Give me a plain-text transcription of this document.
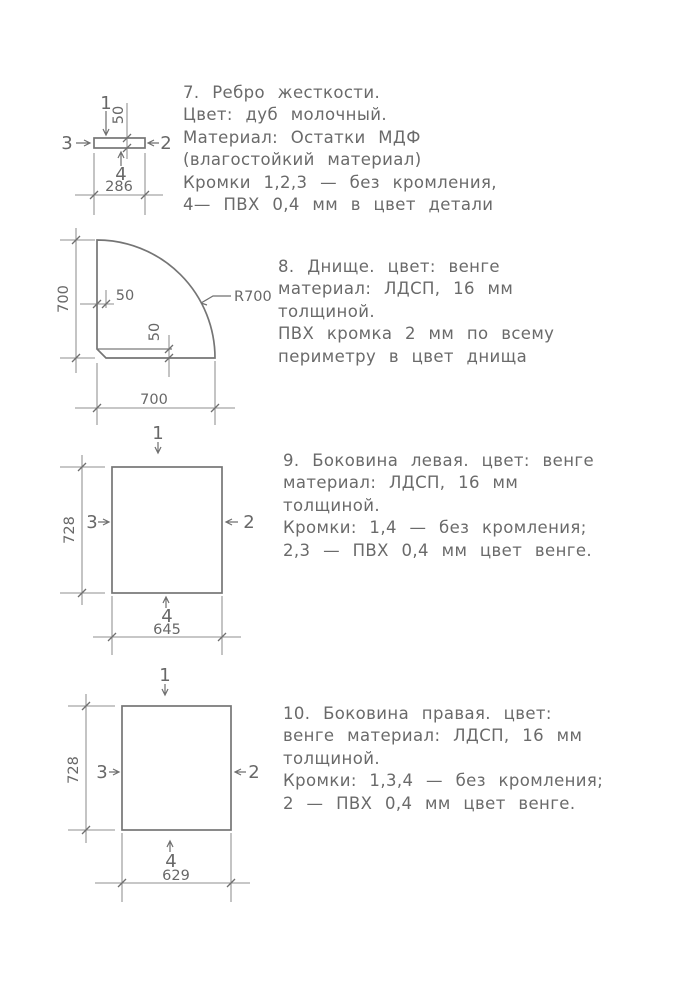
7. Ребро жесткости.
Цвет: дуб молочный.
Материал: Остатки МДФ
(влагостойкий материал)
Кромки 1,2,3 — без кромления,
4— ПВХ 0,4 мм в цвет детали
1
50
3	2
4
286
8. Днище. цвет: венге
материал: ЛДСП, 16 мм
толщиной.
ПВХ кромка 2 мм по всему
периметру в цвет днища
700
700
50
50
R700
9. Боковина левая. цвет: венге
материал: ЛДСП, 16 мм
толщиной.
Кромки: 1,4 — без кромления;
2,3 — ПВХ 0,4 мм цвет венге.
1
728 3	2
4
645
10. Боковина правая. цвет:
венге материал: ЛДСП, 16 мм
толщиной.
Кромки: 1,3,4 — без кромления;
2 — ПВХ 0,4 мм цвет венге.
1
728 3	2
4
629
